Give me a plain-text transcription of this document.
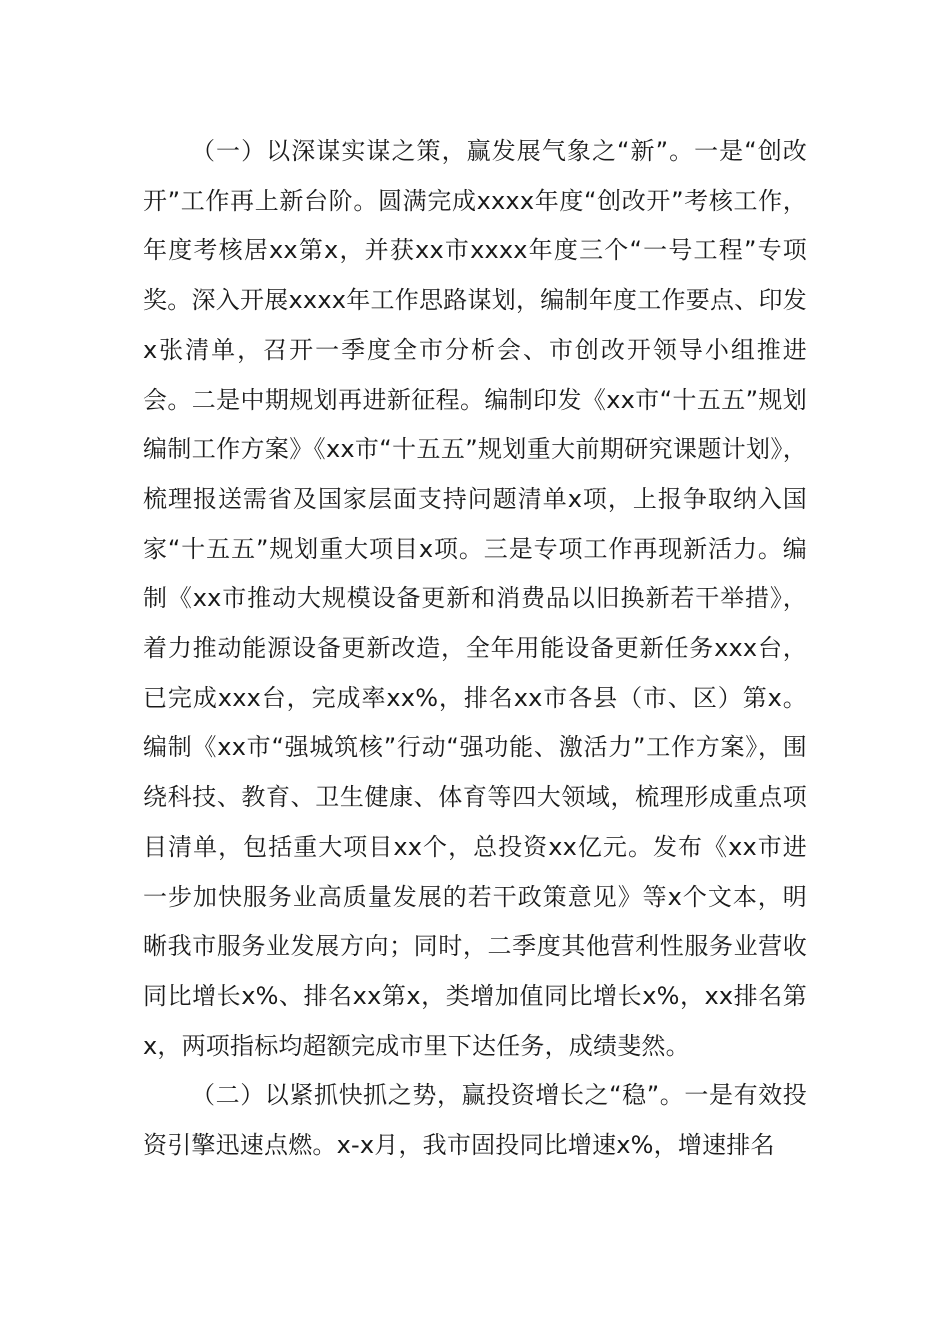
（一）以深谋实谋之策，赢发展气象之“新”。一是“创改开”工作再上新台阶。圆满完成xxxx年度“创改开”考核工作，年度考核居xx第x，并获xx市xxxx年度三个“一号工程”专项奖。深入开展xxxx年工作思路谋划，编制年度工作要点、印发x张清单，召开一季度全市分析会、市创改开领导小组推进会。二是中期规划再进新征程。编制印发《xx市“十五五”规划编制工作方案》《xx市“十五五”规划重大前期研究课题计划》，梳理报送需省及国家层面支持问题清单x项，上报争取纳入国家“十五五”规划重大项目x项。三是专项工作再现新活力。编制《xx市推动大规模设备更新和消费品以旧换新若干举措》，着力推动能源设备更新改造，全年用能设备更新任务xxx台，已完成xxx台，完成率xx%，排名xx市各县（市、区）第x。编制《xx市“强城筑核”行动“强功能、激活力”工作方案》，围绕科技、教育、卫生健康、体育等四大领域，梳理形成重点项目清单，包括重大项目xx个，总投资xx亿元。发布《xx市进一步加快服务业高质量发展的若干政策意见》等x个文本，明晰我市服务业发展方向；同时，二季度其他营利性服务业营收同比增长x%、排名xx第x，类增加值同比增长x%，xx排名第x，两项指标均超额完成市里下达任务，成绩斐然。

（二）以紧抓快抓之势，赢投资增长之“稳”。一是有效投资引擎迅速点燃。x-x月，我市固投同比增速x%，增速排名
